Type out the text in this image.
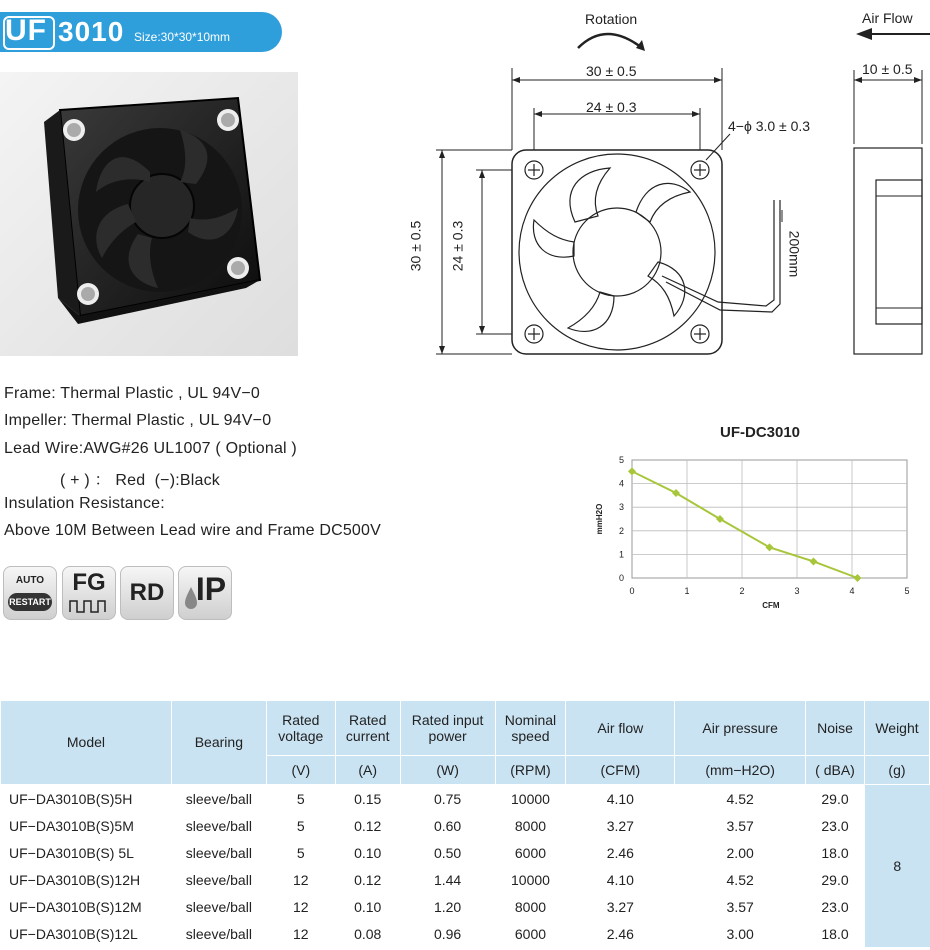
UF 3010 Size:30*30*10mm
Rotation	Air Flow
30 ± 0.5
24 ± 0.3
4−ϕ 3.0 ± 0.3
10 ± 0.5
30 ± 0.5 24 ± 0.3	200mm
Frame: Thermal Plastic , UL 94V−0
Impeller: Thermal Plastic , UL 94V−0
Lead Wire:AWG#26 UL1007 ( Optional )
( + ) ： Red  (−):Black
Insulation Resistance:
Above 10M Between Lead wire and Frame DC500V
AUTO
RESTART
FG	RD IP
UF-DC3010
0	1	2	3	4	5
0
1
2
3
4
5
CFM
mmH2O
Model	Bearing	Rated voltage	Rated current	Rated input power	Nominal speed	Air flow	Air pressure	Noise	Weight
		(V)	(A)	(W)	(RPM)	(CFM)	(mm−H2O)	( dBA)	(g)
UF−DA3010B(S)5H	sleeve/ball	5	0.15	0.75	10000	4.10	4.52	29.0	8
UF−DA3010B(S)5M	sleeve/ball	5	0.12	0.60	8000	3.27	3.57	23.0	
UF−DA3010B(S) 5L	sleeve/ball	5	0.10	0.50	6000	2.46	2.00	18.0	
UF−DA3010B(S)12H	sleeve/ball	12	0.12	1.44	10000	4.10	4.52	29.0	
UF−DA3010B(S)12M	sleeve/ball	12	0.10	1.20	8000	3.27	3.57	23.0	
UF−DA3010B(S)12L	sleeve/ball	12	0.08	0.96	6000	2.46	3.00	18.0	
